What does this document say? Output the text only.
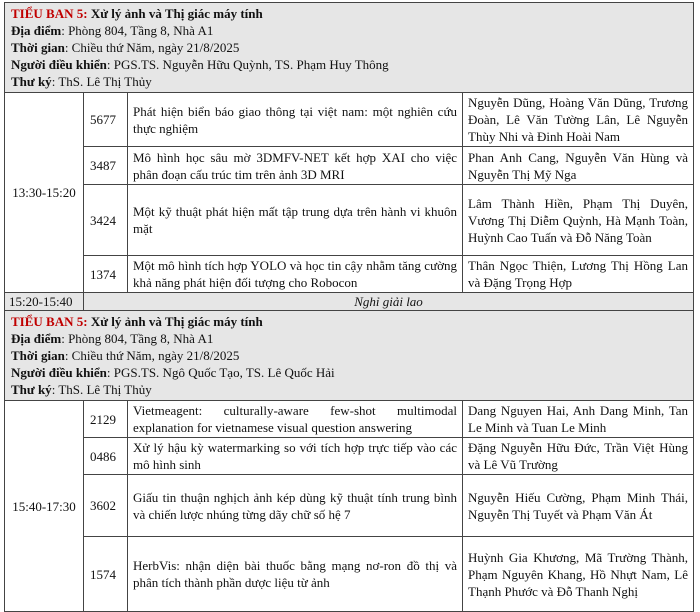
TIỂU BAN 5: Xử lý ảnh và Thị giác máy tính
Địa điểm: Phòng 804, Tầng 8, Nhà A1
Thời gian: Chiều thứ Năm, ngày 21/8/2025
Người điều khiển: PGS.TS. Nguyễn Hữu Quỳnh, TS. Phạm Huy Thông
Thư ký: ThS. Lê Thị Thủy			

13:30-15:20	5677	Phát hiện biển báo giao thông tại việt nam: một nghiên cứu thực nghiệm	Nguyễn Dũng, Hoàng Văn Dũng, Trương Đoàn, Lê Văn Tường Lân, Lê Nguyễn Thùy Nhi và Đinh Hoài Nam
	3487	Mô hình học sâu mờ 3DMFV-NET kết hợp XAI cho việc phân đoạn cấu trúc tim trên ảnh 3D MRI	Phan Anh Cang, Nguyễn Văn Hùng và Nguyễn Thị Mỹ Nga
	3424	Một kỹ thuật phát hiện mất tập trung dựa trên hành vi khuôn mặt	Lâm Thành Hiền, Phạm Thị Duyên, Vương Thị Diễm Quỳnh, Hà Mạnh Toàn, Huỳnh Cao Tuấn và Đỗ Năng Toàn
	1374	Một mô hình tích hợp YOLO và học tin cậy nhằm tăng cường khả năng phát hiện đối tượng cho Robocon	Thân Ngọc Thiện, Lương Thị Hồng Lan và Đặng Trọng Hợp
15:20-15:40	Nghỉ giải lao		

TIỂU BAN 5: Xử lý ảnh và Thị giác máy tính
Địa điểm: Phòng 804, Tầng 8, Nhà A1
Thời gian: Chiều thứ Năm, ngày 21/8/2025
Người điều khiển: PGS.TS. Ngô Quốc Tạo, TS. Lê Quốc Hải
Thư ký: ThS. Lê Thị Thủy			

15:40-17:30	2129	Vietmeagent: culturally-aware few-shot multimodal explanation for vietnamese visual question answering	Dang Nguyen Hai, Anh Dang Minh, Tan Le Minh và Tuan Le Minh
	0486	Xử lý hậu kỳ watermarking so với tích hợp trực tiếp vào các mô hình sinh	Đặng Nguyễn Hữu Đức, Trần Việt Hùng và Lê Vũ Trường
	3602	Giấu tin thuận nghịch ảnh kép dùng kỹ thuật tính trung bình và chiến lược nhúng từng dãy chữ số hệ 7	Nguyễn Hiếu Cường, Phạm Minh Thái, Nguyễn Thị Tuyết và Phạm Văn Át
	1574	HerbVis: nhận diện bài thuốc bằng mạng nơ-ron đồ thị và phân tích thành phần dược liệu từ ảnh	Huỳnh Gia Khương, Mã Trường Thành, Phạm Nguyên Khang, Hồ Nhựt Nam, Lê Thạnh Phước và Đỗ Thanh Nghị
